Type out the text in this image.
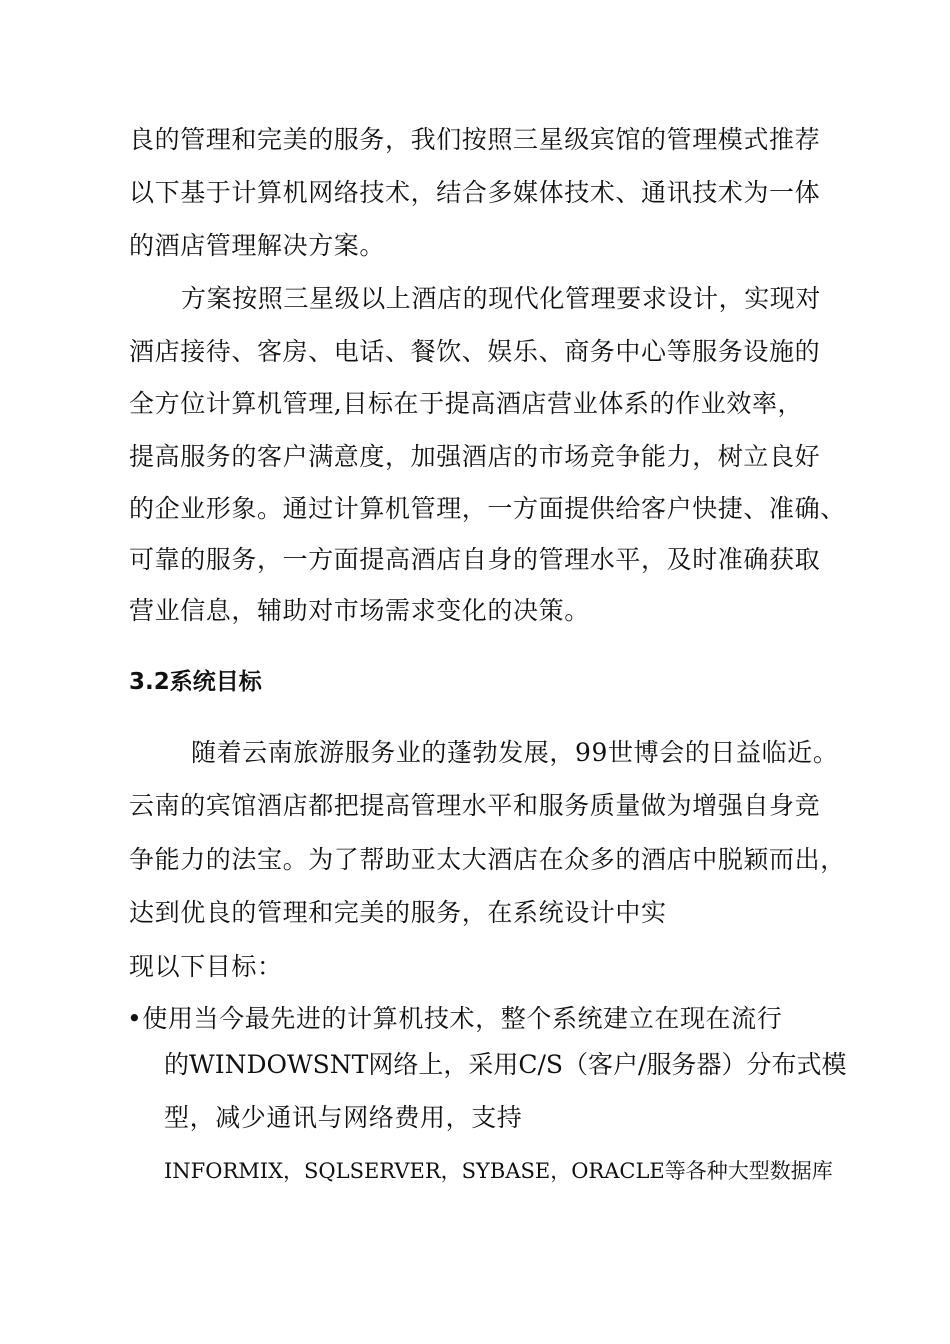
良的管理和完美的服务，我们按照三星级宾馆的管理模式推荐
以下基于计算机网络技术，结合多媒体技术、通讯技术为一体
的酒店管理解决方案。
方案按照三星级以上酒店的现代化管理要求设计，实现对
酒店接待、客房、电话、餐饮、娱乐、商务中心等服务设施的
全方位计算机管理,目标在于提高酒店营业体系的作业效率，
提高服务的客户满意度，加强酒店的市场竞争能力，树立良好
的企业形象。通过计算机管理，一方面提供给客户快捷、准确、
可靠的服务，一方面提高酒店自身的管理水平，及时准确获取
营业信息，辅助对市场需求变化的决策。
3.2系统目标
随着云南旅游服务业的蓬勃发展，99世博会的日益临近。
云南的宾馆酒店都把提高管理水平和服务质量做为增强自身竞
争能力的法宝。为了帮助亚太大酒店在众多的酒店中脱颖而出，
达到优良的管理和完美的服务，在系统设计中实
现以下目标：
•使用当今最先进的计算机技术，整个系统建立在现在流行
的WINDOWSNT网络上，采用C/S（客户/服务器）分布式模
型，减少通讯与网络费用，支持
INFORMIX，SQLSERVER，SYBASE，ORACLE等各种大型数据库
